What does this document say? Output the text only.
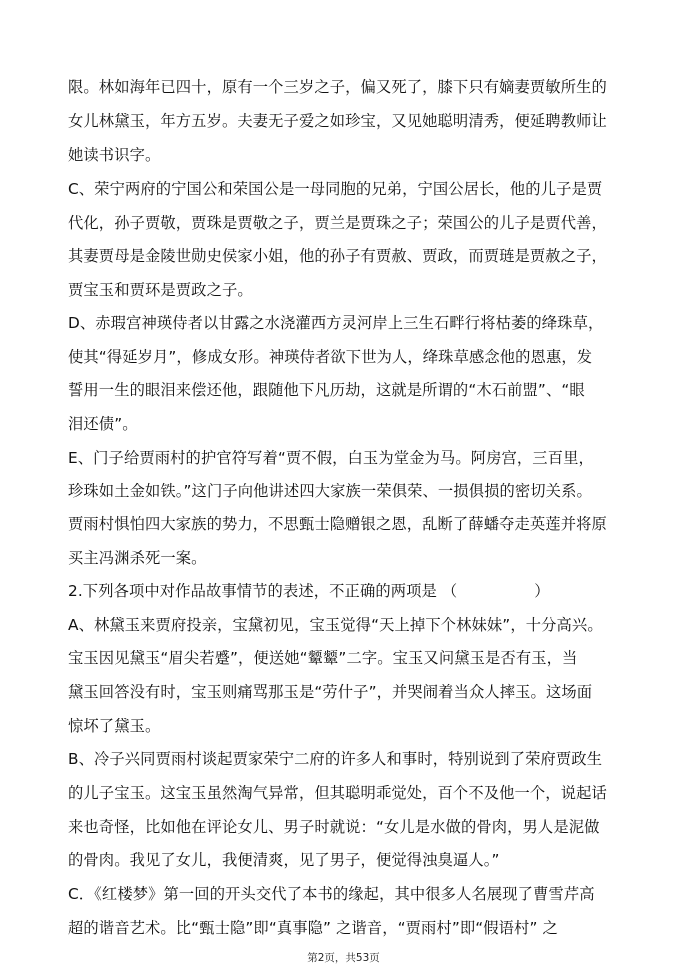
限。林如海年已四十，原有一个三岁之子，偏又死了，膝下只有嫡妻贾敏所生的
女儿林黛玉，年方五岁。夫妻无子爱之如珍宝，又见她聪明清秀，便延聘教师让
她读书识字。
C、荣宁两府的宁国公和荣国公是一母同胞的兄弟，宁国公居长，他的儿子是贾
代化，孙子贾敬，贾珠是贾敬之子，贾兰是贾珠之子；荣国公的儿子是贾代善，
其妻贾母是金陵世勋史侯家小姐，他的孙子有贾赦、贾政，而贾琏是贾赦之子，
贾宝玉和贾环是贾政之子。
D、赤瑕宫神瑛侍者以甘露之水浇灌西方灵河岸上三生石畔行将枯萎的绛珠草，
使其“得延岁月”，修成女形。神瑛侍者欲下世为人，绛珠草感念他的恩惠，发
誓用一生的眼泪来偿还他，跟随他下凡历劫，这就是所谓的“木石前盟”、“眼
泪还债”。
E、门子给贾雨村的护官符写着“贾不假，白玉为堂金为马。阿房宫，三百里，
珍珠如土金如铁。”这门子向他讲述四大家族一荣俱荣、一损俱损的密切关系。
贾雨村惧怕四大家族的势力，不思甄士隐赠银之恩，乱断了薛蟠夺走英莲并将原
买主冯渊杀死一案。
2.下列各项中对作品故事情节的表述，不正确的两项是 （　　　　　）
A、林黛玉来贾府投亲，宝黛初见，宝玉觉得“天上掉下个林妹妹”，十分高兴。
宝玉因见黛玉“眉尖若蹙”，便送她“颦颦”二字。宝玉又问黛玉是否有玉，当
黛玉回答没有时，宝玉则痛骂那玉是“劳什子”，并哭闹着当众人摔玉。这场面
惊坏了黛玉。
B、冷子兴同贾雨村谈起贾家荣宁二府的许多人和事时，特别说到了荣府贾政生
的儿子宝玉。这宝玉虽然淘气异常，但其聪明乖觉处，百个不及他一个，说起话
来也奇怪，比如他在评论女儿、男子时就说：“女儿是水做的骨肉，男人是泥做
的骨肉。我见了女儿，我便清爽，见了男子，便觉得浊臭逼人。”
C．《红楼梦》第一回的开头交代了本书的缘起，其中很多人名展现了曹雪芹高
超的谐音艺术。比“甄士隐”即“真事隐” 之谐音，“贾雨村”即“假语村” 之
第2页，共53页
